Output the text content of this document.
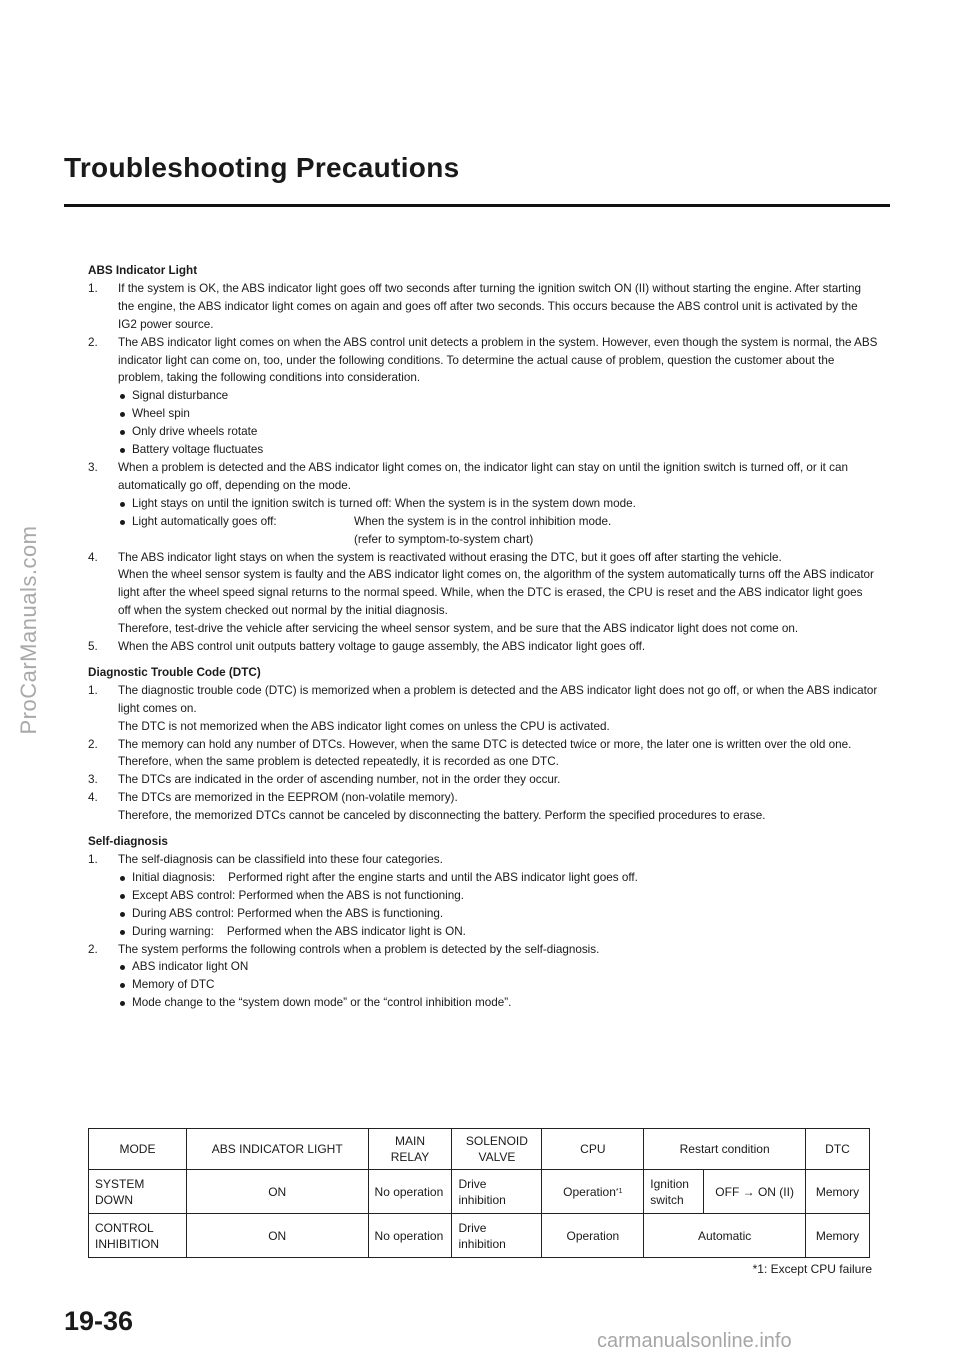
ProCarManuals.com
Troubleshooting Precautions
ABS Indicator Light
1. If the system is OK, the ABS indicator light goes off two seconds after turning the ignition switch ON (II) without starting the engine. After starting the engine, the ABS indicator light comes on again and goes off after two seconds. This occurs because the ABS control unit is activated by the IG2 power source.

2. The ABS indicator light comes on when the ABS control unit detects a problem in the system. However, even though the system is normal, the ABS indicator light can come on, too, under the following conditions. To determine the actual cause of problem, question the customer about the problem, taking the following conditions into consideration.

Signal disturbance
Wheel spin
Only drive wheels rotate
Battery voltage fluctuates
3. When a problem is detected and the ABS indicator light comes on, the indicator light can stay on until the ignition switch is turned off, or it can automatically go off, depending on the mode.

Light stays on until the ignition switch is turned off: When the system is in the system down mode.
Light automatically goes off:	When the system is in the control inhibition mode.
(refer to symptom-to-system chart)
4. The ABS indicator light stays on when the system is reactivated without erasing the DTC, but it goes off after starting the vehicle.

When the wheel sensor system is faulty and the ABS indicator light comes on, the algorithm of the system automatically turns off the ABS indicator light after the wheel speed signal returns to the normal speed. While, when the DTC is erased, the CPU is reset and the ABS indicator light goes off when the system checked out normal by the initial diagnosis.

Therefore, test-drive the vehicle after servicing the wheel sensor system, and be sure that the ABS indicator light does not come on.

5. When the ABS control unit outputs battery voltage to gauge assembly, the ABS indicator light goes off.

Diagnostic Trouble Code (DTC)
1. The diagnostic trouble code (DTC) is memorized when a problem is detected and the ABS indicator light does not go off, or when the ABS indicator light comes on.

The DTC is not memorized when the ABS indicator light comes on unless the CPU is activated.

2. The memory can hold any number of DTCs. However, when the same DTC is detected twice or more, the later one is written over the old one.

Therefore, when the same problem is detected repeatedly, it is recorded as one DTC.

3. The DTCs are indicated in the order of ascending number, not in the order they occur.

4. The DTCs are memorized in the EEPROM (non-volatile memory).

Therefore, the memorized DTCs cannot be canceled by disconnecting the battery. Perform the specified procedures to erase.

Self-diagnosis
1. The self-diagnosis can be classifield into these four categories.

Initial diagnosis: Performed right after the engine starts and until the ABS indicator light goes off.
Except ABS control: Performed when the ABS is not functioning.
During ABS control: Performed when the ABS is functioning.
During warning: Performed when the ABS indicator light is ON.
2. The system performs the following controls when a problem is detected by the self-diagnosis.

ABS indicator light ON
Memory of DTC
Mode change to the “system down mode” or the “control inhibition mode”.
MODE	ABS INDICATOR LIGHT	MAIN RELAY	SOLENOID VALVE	CPU	Restart condition		DTC
SYSTEM DOWN	ON	No operation	Drive inhibition	Operation$^{*1}$	Ignition switch	OFF → ON (II)	Memory
CONTROL INHIBITION	ON	No operation	Drive inhibition	Operation	Automatic		Memory
*1: Except CPU failure
19-36
carmanualsonline.info
